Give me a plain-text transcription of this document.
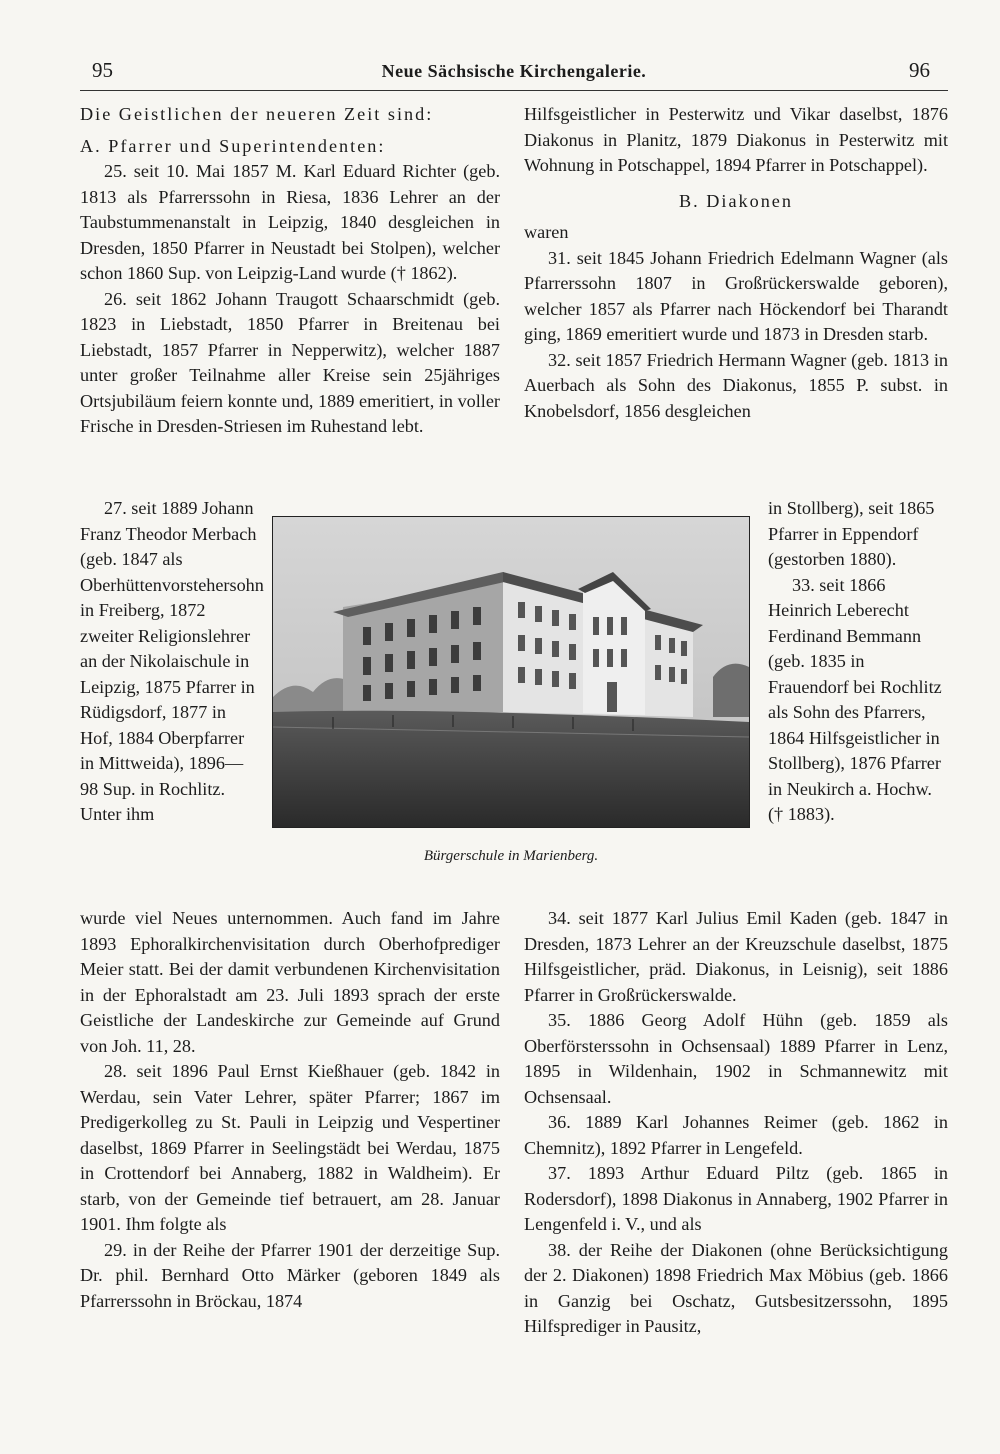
95	Neue Sächsische Kirchengalerie.	96

Die Geistlichen der neueren Zeit sind:

A. Pfarrer und Superintendenten:

25. seit 10. Mai 1857 M. Karl Eduard Richter (geb. 1813 als Pfarrerssohn in Riesa, 1836 Lehrer an der Taubstummenanstalt in Leipzig, 1840 desgleichen in Dresden, 1850 Pfarrer in Neustadt bei Stolpen), welcher schon 1860 Sup. von Leipzig-Land wurde († 1862).

26. seit 1862 Johann Traugott Schaarschmidt (geb. 1823 in Liebstadt, 1850 Pfarrer in Breitenau bei Liebstadt, 1857 Pfarrer in Nepperwitz), welcher 1887 unter großer Teilnahme aller Kreise sein 25jähriges Ortsjubiläum feiern konnte und, 1889 emeritiert, in voller Frische in Dresden-Striesen im Ruhestand lebt.

27. seit 1889 Johann Franz Theodor Merbach (geb. 1847 als Oberhüttenvorstehersohn in Freiberg, 1872 zweiter Religionslehrer an der Nikolaischule in Leipzig, 1875 Pfarrer in Rüdigsdorf, 1877 in Hof, 1884 Oberpfarrer in Mittweida), 1896—98 Sup. in Rochlitz. Unter ihm

Bürgerschule in Marienberg.

wurde viel Neues unternommen. Auch fand im Jahre 1893 Ephoralkirchenvisitation durch Oberhofprediger Meier statt. Bei der damit verbundenen Kirchenvisitation in der Ephoralstadt am 23. Juli 1893 sprach der erste Geistliche der Landeskirche zur Gemeinde auf Grund von Joh. 11, 28.

28. seit 1896 Paul Ernst Kießhauer (geb. 1842 in Werdau, sein Vater Lehrer, später Pfarrer; 1867 im Predigerkolleg zu St. Pauli in Leipzig und Vespertiner daselbst, 1869 Pfarrer in Seelingstädt bei Werdau, 1875 in Crottendorf bei Annaberg, 1882 in Waldheim). Er starb, von der Gemeinde tief betrauert, am 28. Januar 1901. Ihm folgte als

29. in der Reihe der Pfarrer 1901 der derzeitige Sup. Dr. phil. Bernhard Otto Märker (geboren 1849 als Pfarrerssohn in Bröckau, 1874

Hilfsgeistlicher in Pesterwitz und Vikar daselbst, 1876 Diakonus in Planitz, 1879 Diakonus in Pesterwitz mit Wohnung in Potschappel, 1894 Pfarrer in Potschappel).

B. Diakonen

waren

31. seit 1845 Johann Friedrich Edelmann Wagner (als Pfarrerssohn 1807 in Großrückerswalde geboren), welcher 1857 als Pfarrer nach Höckendorf bei Tharandt ging, 1869 emeritiert wurde und 1873 in Dresden starb.

32. seit 1857 Friedrich Hermann Wagner (geb. 1813 in Auerbach als Sohn des Diakonus, 1855 P. subst. in Knobelsdorf, 1856 desgleichen

in Stollberg), seit 1865 Pfarrer in Eppendorf (gestorben 1880).

33. seit 1866 Heinrich Leberecht Ferdinand Bemmann (geb. 1835 in Frauendorf bei Rochlitz als Sohn des Pfarrers, 1864 Hilfsgeistlicher in Stollberg), 1876 Pfarrer in Neukirch a. Hochw. († 1883).

34. seit 1877 Karl Julius Emil Kaden (geb. 1847 in Dresden, 1873 Lehrer an der Kreuzschule daselbst, 1875 Hilfsgeistlicher, präd. Diakonus, in Leisnig), seit 1886 Pfarrer in Großrückerswalde.

35. 1886 Georg Adolf Hühn (geb. 1859 als Oberförsterssohn in Ochsensaal) 1889 Pfarrer in Lenz, 1895 in Wildenhain, 1902 in Schmannewitz mit Ochsensaal.

36. 1889 Karl Johannes Reimer (geb. 1862 in Chemnitz), 1892 Pfarrer in Lengefeld.

37. 1893 Arthur Eduard Piltz (geb. 1865 in Rodersdorf), 1898 Diakonus in Annaberg, 1902 Pfarrer in Lengenfeld i. V., und als

38. der Reihe der Diakonen (ohne Berücksichtigung der 2. Diakonen) 1898 Friedrich Max Möbius (geb. 1866 in Ganzig bei Oschatz, Gutsbesitzerssohn, 1895 Hilfsprediger in Pausitz,
